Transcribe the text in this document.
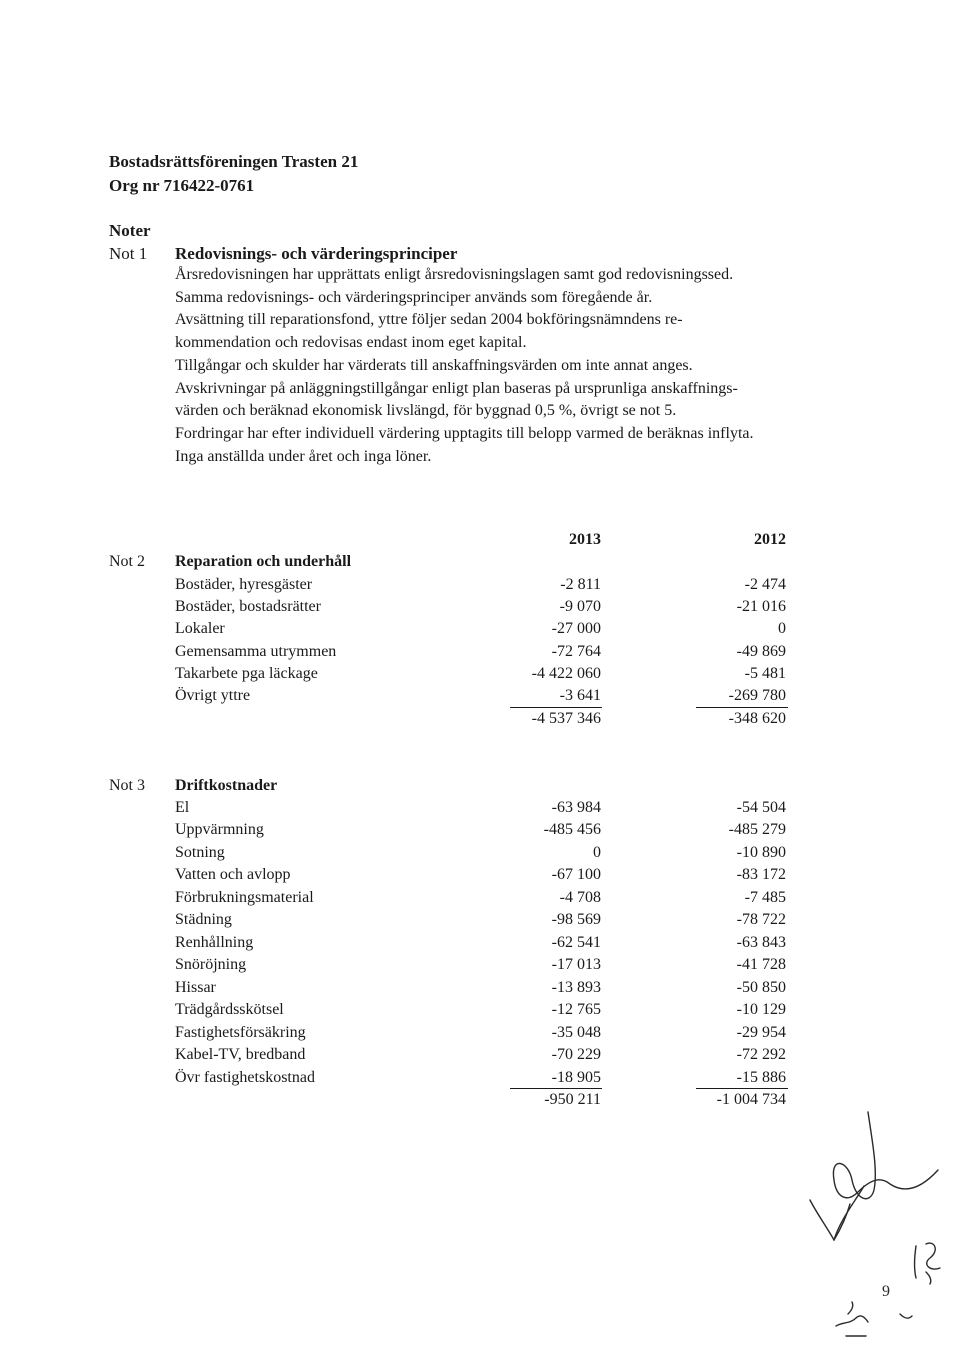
Bostadsrättsföreningen Trasten 21
Org nr 716422-0761
Noter
Not 1 Redovisnings- och värderingsprinciper
Årsredovisningen har upprättats enligt årsredovisningslagen samt god redovisningssed.
Samma redovisnings- och värderingsprinciper används som föregående år.
Avsättning till reparationsfond, yttre följer sedan 2004 bokföringsnämndens re-
kommendation och redovisas endast inom eget kapital.
Tillgångar och skulder har värderats till anskaffningsvärden om inte annat anges.
Avskrivningar på anläggningstillgångar enligt plan baseras på ursprunliga anskaffnings-
värden och beräknad ekonomisk livslängd, för byggnad 0,5 %, övrigt se not 5.
Fordringar har efter individuell värdering upptagits till belopp varmed de beräknas inflyta.
Inga anställda under året och inga löner.
2013	2012
Not 2 Reparation och underhåll
Bostäder, hyresgäster	-2 811	-2 474
Bostäder, bostadsrätter	-9 070	-21 016
Lokaler	-27 000	0
Gemensamma utrymmen	-72 764	-49 869
Takarbete pga läckage	-4 422 060	-5 481
Övrigt yttre	-3 641	-269 780
-4 537 346	-348 620
Not 3 Driftkostnader
El	-63 984	-54 504
Uppvärmning	-485 456	-485 279
Sotning	0	-10 890
Vatten och avlopp	-67 100	-83 172
Förbrukningsmaterial	-4 708	-7 485
Städning	-98 569	-78 722
Renhållning	-62 541	-63 843
Snöröjning	-17 013	-41 728
Hissar	-13 893	-50 850
Trädgårdsskötsel	-12 765	-10 129
Fastighetsförsäkring	-35 048	-29 954
Kabel-TV, bredband	-70 229	-72 292
Övr fastighetskostnad	-18 905	-15 886
-950 211	-1 004 734
9
